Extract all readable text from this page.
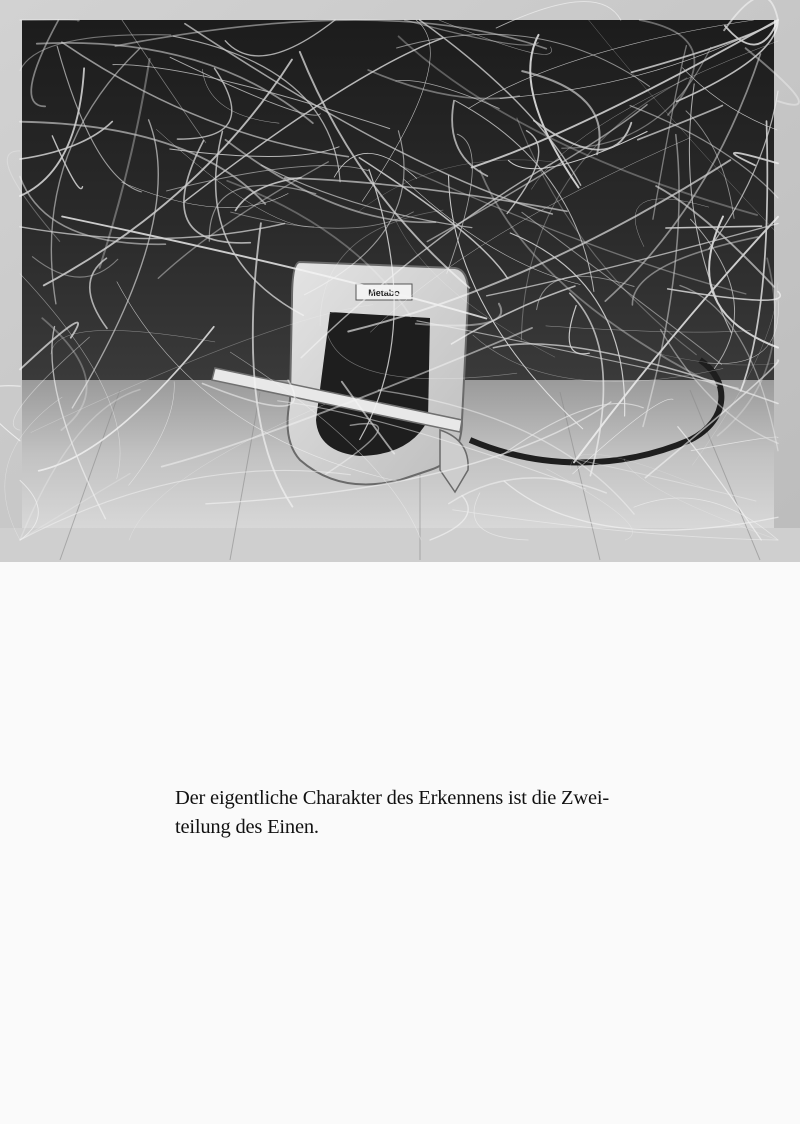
Metabo

Der eigentliche Charakter des Erkennens ist die Zwei-
teilung des Einen.
